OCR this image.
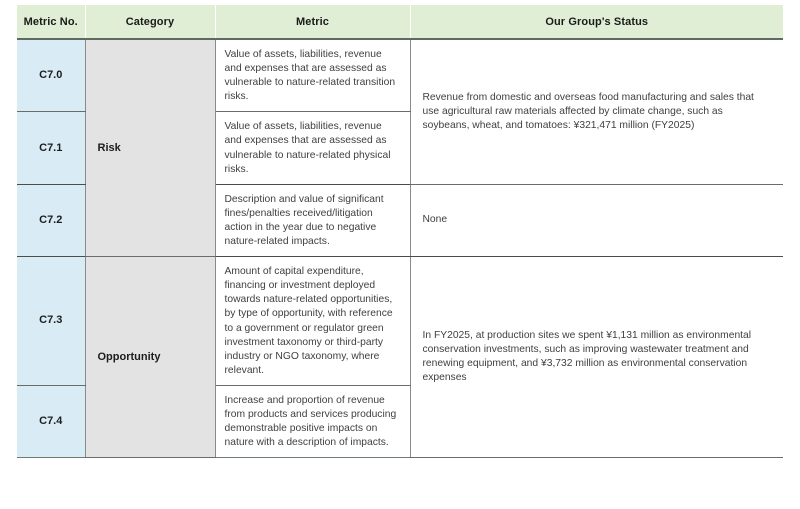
Metric No.	Category	Metric	Our Group's Status
C7.0	Risk	Value of assets, liabilities, revenue and expenses that are assessed as vulnerable to nature-related transition risks.	Revenue from domestic and overseas food manufacturing and sales that use agricultural raw materials affected by climate change, such as soybeans, wheat, and tomatoes: ¥321,471 million (FY2025)
C7.1		Value of assets, liabilities, revenue and expenses that are assessed as vulnerable to nature-related physical risks.	
C7.2		Description and value of significant fines/penalties received/litigation action in the year due to negative nature-related impacts.	None
C7.3	Opportunity	Amount of capital expenditure, financing or investment deployed towards nature-related opportunities, by type of opportunity, with reference to a government or regulator green investment taxonomy or third-party industry or NGO taxonomy, where relevant.	In FY2025, at production sites we spent ¥1,131 million as environmental conservation investments, such as improving wastewater treatment and renewing equipment, and ¥3,732 million as environmental conservation expenses
C7.4		Increase and proportion of revenue from products and services producing demonstrable positive impacts on nature with a description of impacts.	
